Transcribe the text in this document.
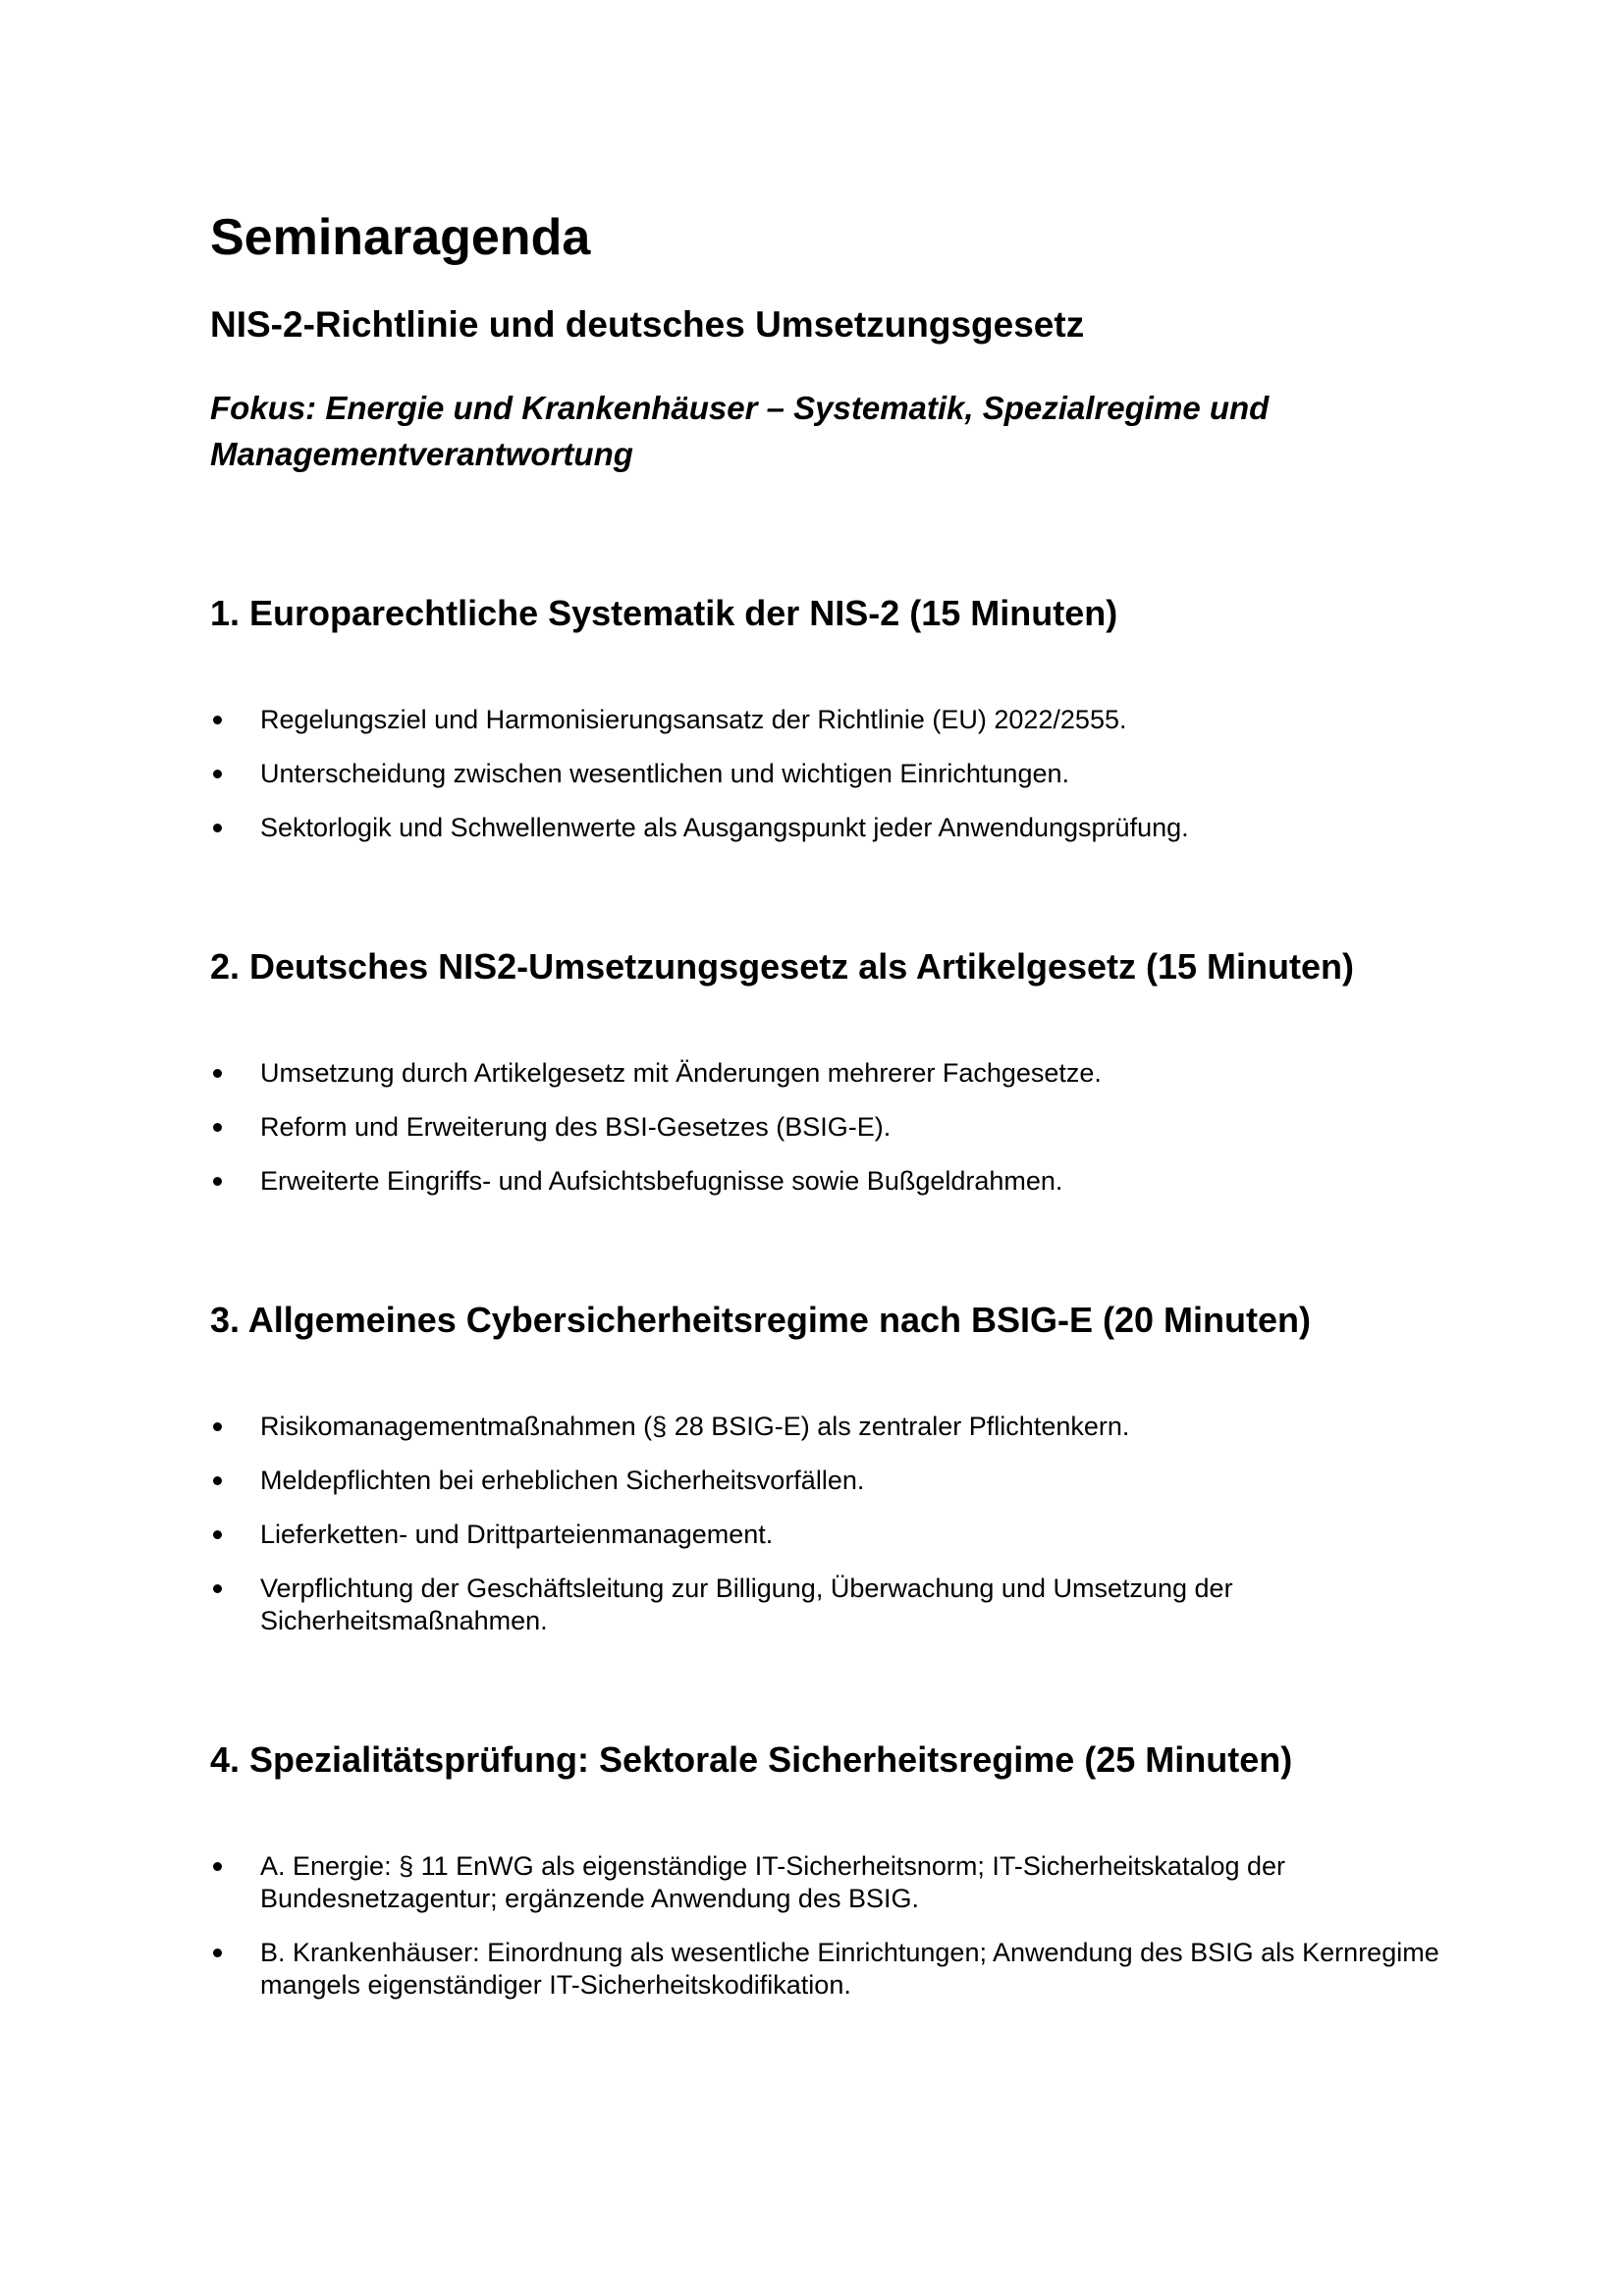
Seminaragenda
NIS-2-Richtlinie und deutsches Umsetzungsgesetz
Fokus: Energie und Krankenhäuser – Systematik, Spezialregime und Managementverantwortung
1. Europarechtliche Systematik der NIS-2 (15 Minuten)
Regelungsziel und Harmonisierungsansatz der Richtlinie (EU) 2022/2555.
Unterscheidung zwischen wesentlichen und wichtigen Einrichtungen.
Sektorlogik und Schwellenwerte als Ausgangspunkt jeder Anwendungsprüfung.
2. Deutsches NIS2-Umsetzungsgesetz als Artikelgesetz (15 Minuten)
Umsetzung durch Artikelgesetz mit Änderungen mehrerer Fachgesetze.
Reform und Erweiterung des BSI-Gesetzes (BSIG-E).
Erweiterte Eingriffs- und Aufsichtsbefugnisse sowie Bußgeldrahmen.
3. Allgemeines Cybersicherheitsregime nach BSIG-E (20 Minuten)
Risikomanagementmaßnahmen (§ 28 BSIG-E) als zentraler Pflichtenkern.
Meldepflichten bei erheblichen Sicherheitsvorfällen.
Lieferketten- und Drittparteienmanagement.
Verpflichtung der Geschäftsleitung zur Billigung, Überwachung und Umsetzung der Sicherheitsmaßnahmen.
4. Spezialitätsprüfung: Sektorale Sicherheitsregime (25 Minuten)
A. Energie: § 11 EnWG als eigenständige IT-Sicherheitsnorm; IT-Sicherheitskatalog der Bundesnetzagentur; ergänzende Anwendung des BSIG.
B. Krankenhäuser: Einordnung als wesentliche Einrichtungen; Anwendung des BSIG als Kernregime mangels eigenständiger IT-Sicherheitskodifikation.
